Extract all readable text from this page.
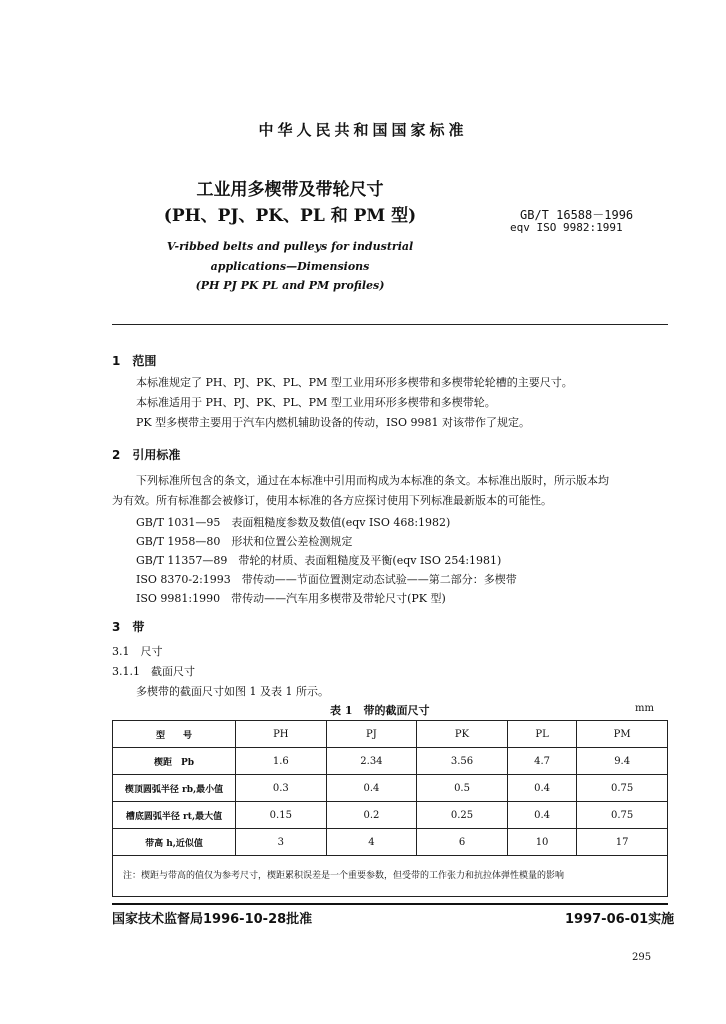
中华人民共和国国家标准
工业用多楔带及带轮尺寸
(PH、PJ、PK、PL 和 PM 型)	GB/T 16588－1996
eqv ISO 9982:1991
V-ribbed belts and pulleys for industrial
applications—Dimensions
(PH PJ PK PL and PM profiles)
1　范围
本标准规定了 PH、PJ、PK、PL、PM 型工业用环形多楔带和多楔带轮轮槽的主要尺寸。
本标准适用于 PH、PJ、PK、PL、PM 型工业用环形多楔带和多楔带轮。
PK 型多楔带主要用于汽车内燃机辅助设备的传动，ISO 9981 对该带作了规定。
2　引用标准
下列标准所包含的条文，通过在本标准中引用而构成为本标准的条文。本标准出版时，所示版本均
为有效。所有标准都会被修订，使用本标准的各方应探讨使用下列标准最新版本的可能性。
GB/T 1031—95　表面粗糙度参数及数值(eqv ISO 468:1982)
GB/T 1958—80　形状和位置公差检测规定
GB/T 11357—89　带轮的材质、表面粗糙度及平衡(eqv ISO 254:1981)
ISO 8370-2:1993　带传动——节面位置测定动态试验——第二部分：多楔带
ISO 9981:1990　带传动——汽车用多楔带及带轮尺寸(PK 型)
3　带
3.1　尺寸
3.1.1　截面尺寸
多楔带的截面尺寸如图 1 及表 1 所示。
表 1　带的截面尺寸	mm
型　　号	PH	PJ	PK	PL	PM
楔距　Pb	1.6	2.34	3.56	4.7	9.4
楔顶圆弧半径 rb,最小值	0.3	0.4	0.5	0.4	0.75
槽底圆弧半径 rt,最大值	0.15	0.2	0.25	0.4	0.75
带高 h,近似值	3	4	6	10	17
注：楔距与带高的值仅为参考尺寸，楔距累积误差是一个重要参数，但受带的工作张力和抗拉体弹性模量的影响					
国家技术监督局1996-10-28批准	1997-06-01实施
295
